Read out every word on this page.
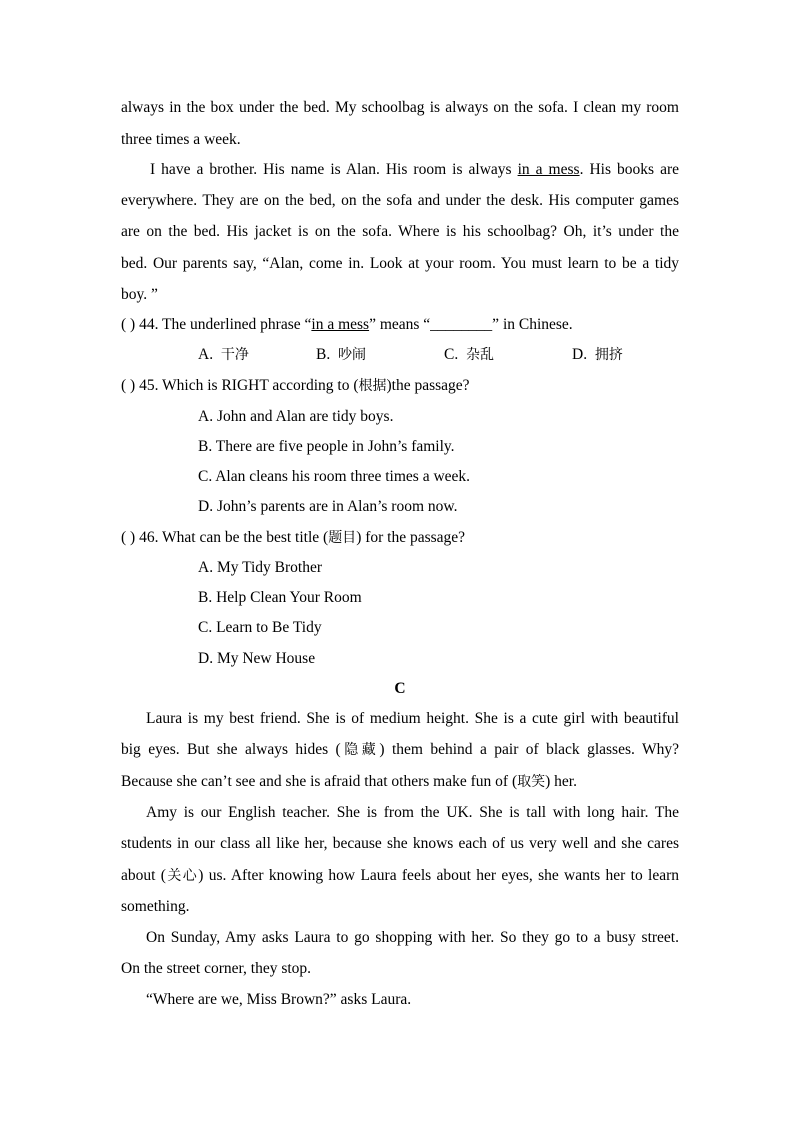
always in the box under the bed. My schoolbag is always on the sofa. I clean my room
three times a week.
I have a brother. His name is Alan. His room is always in a mess. His books are
everywhere. They are on the bed, on the sofa and under the desk. His computer games
are on the bed. His jacket is on the sofa. Where is his schoolbag? Oh, it’s under the
bed. Our parents say, “Alan, come in. Look at your room. You must learn to be a tidy
boy. ”
( ) 44. The underlined phrase “in a mess” means “________” in Chinese.
A. 干净	B. 吵闹	C. 杂乱	D. 拥挤
( ) 45. Which is RIGHT according to (根据)the passage?
A. John and Alan are tidy boys.
B. There are five people in John’s family.
C. Alan cleans his room three times a week.
D. John’s parents are in Alan’s room now.
( ) 46. What can be the best title (题目) for the passage?
A. My Tidy Brother
B. Help Clean Your Room
C. Learn to Be Tidy
D. My New House
C
Laura is my best friend. She is of medium height. She is a cute girl with beautiful
big eyes. But she always hides (隐藏) them behind a pair of black glasses. Why?
Because she can’t see and she is afraid that others make fun of (取笑) her.
Amy is our English teacher. She is from the UK. She is tall with long hair. The
students in our class all like her, because she knows each of us very well and she cares
about (关心) us. After knowing how Laura feels about her eyes, she wants her to learn
something.
On Sunday, Amy asks Laura to go shopping with her. So they go to a busy street.
On the street corner, they stop.
“Where are we, Miss Brown?” asks Laura.
